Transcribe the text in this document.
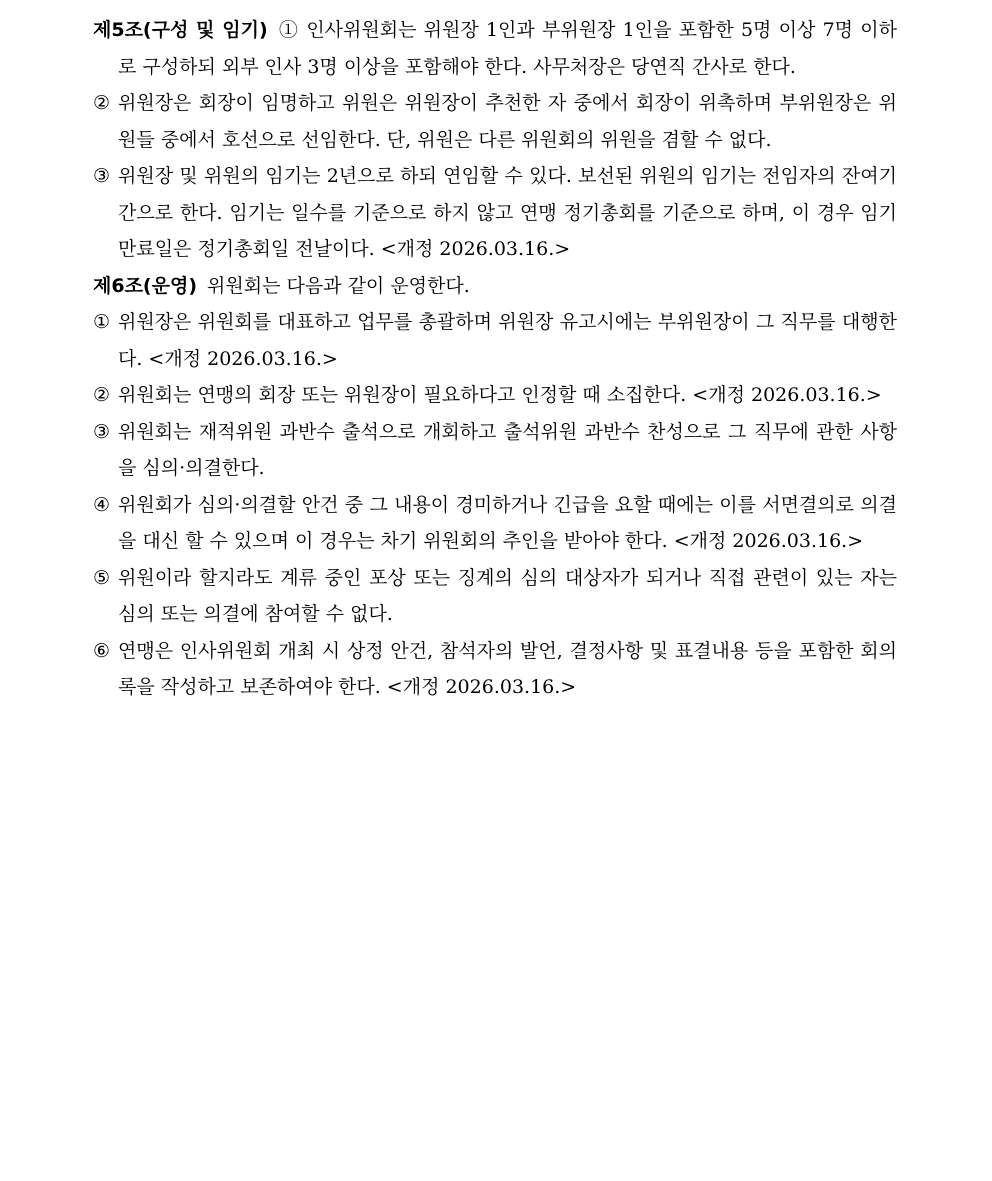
제5조(구성 및 임기) ① 인사위원회는 위원장 1인과 부위원장 1인을 포함한 5명 이상 7명 이하로 구성하되 외부 인사 3명 이상을 포함해야 한다. 사무처장은 당연직 간사로 한다.
② 위원장은 회장이 임명하고 위원은 위원장이 추천한 자 중에서 회장이 위촉하며 부위원장은 위원들 중에서 호선으로 선임한다. 단, 위원은 다른 위원회의 위원을 겸할 수 없다.
③ 위원장 및 위원의 임기는 2년으로 하되 연임할 수 있다. 보선된 위원의 임기는 전임자의 잔여기간으로 한다. 임기는 일수를 기준으로 하지 않고 연맹 정기총회를 기준으로 하며, 이 경우 임기 만료일은 정기총회일 전날이다. <개정 2026.03.16.>
제6조(운영) 위원회는 다음과 같이 운영한다.
① 위원장은 위원회를 대표하고 업무를 총괄하며 위원장 유고시에는 부위원장이 그 직무를 대행한다. <개정 2026.03.16.>
② 위원회는 연맹의 회장 또는 위원장이 필요하다고 인정할 때 소집한다. <개정 2026.03.16.>
③ 위원회는 재적위원 과반수 출석으로 개회하고 출석위원 과반수 찬성으로 그 직무에 관한 사항을 심의·의결한다.
④ 위원회가 심의·의결할 안건 중 그 내용이 경미하거나 긴급을 요할 때에는 이를 서면결의로 의결을 대신 할 수 있으며 이 경우는 차기 위원회의 추인을 받아야 한다. <개정 2026.03.16.>
⑤ 위원이라 할지라도 계류 중인 포상 또는 징계의 심의 대상자가 되거나 직접 관련이 있는 자는 심의 또는 의결에 참여할 수 없다.
⑥ 연맹은 인사위원회 개최 시 상정 안건, 참석자의 발언, 결정사항 및 표결내용 등을 포함한 회의록을 작성하고 보존하여야 한다. <개정 2026.03.16.>
